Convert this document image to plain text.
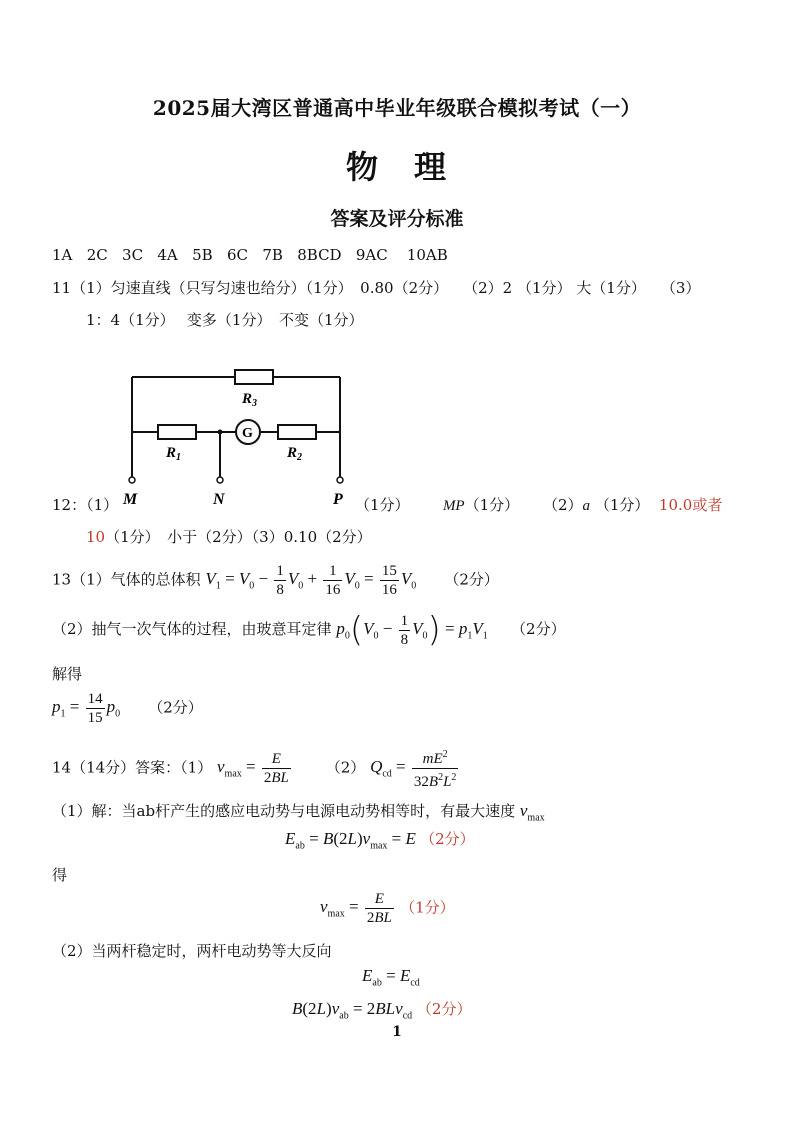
2025届大湾区普通高中毕业年级联合模拟考试（一）
物　理
答案及评分标准
1A 2C 3C 4A 5B 6C 7B 8BCD 9AC 10AB
11（1）匀速直线（只写匀速也给分）（1分）　0.80（2分）　　（2）2 （1分） 大（1分）　　（3）
1：4（1分）　 变多（1分）　不变（1分）
$R_3$
$R_1$	$R_2$
G
M	N	P
12：（1）	（1分） MP（1分） （2）a （1分） 10.0或者
10（1分）　小于（2分）（3）0.10（2分）
13（1）气体的总体积 $V_1 = V_0 - \frac{1}{8} V_0 + \frac{1}{16} V_0 = \frac{15}{16} V_0$ （2分）
（2）抽气一次气体的过程，由玻意耳定律 $p_0(V_0 - \frac{1}{8} V_0) = p_1V_1$ （2分）
解得
$p_1 = \frac{14}{15} p_0$ （2分）
14（14分）答案：（1） $v_{max} = \frac{E}{2BL} (2) Q_{cd} = \frac{mE^2}{32B^2L^2}$
（1）解：当ab杆产生的感应电动势与电源电动势相等时，有最大速度 $v_{max}$
$E_{ab} = B(2L)v_{max} = E$ （2分）
得
$v_{max} = \frac{E}{2BL} (1$分）
（2）当两杆稳定时，两杆电动势等大反向
$E_{ab} = E_{cd}$
$B(2L)v_{ab} = 2BLv_{cd}$ （2分）
1
